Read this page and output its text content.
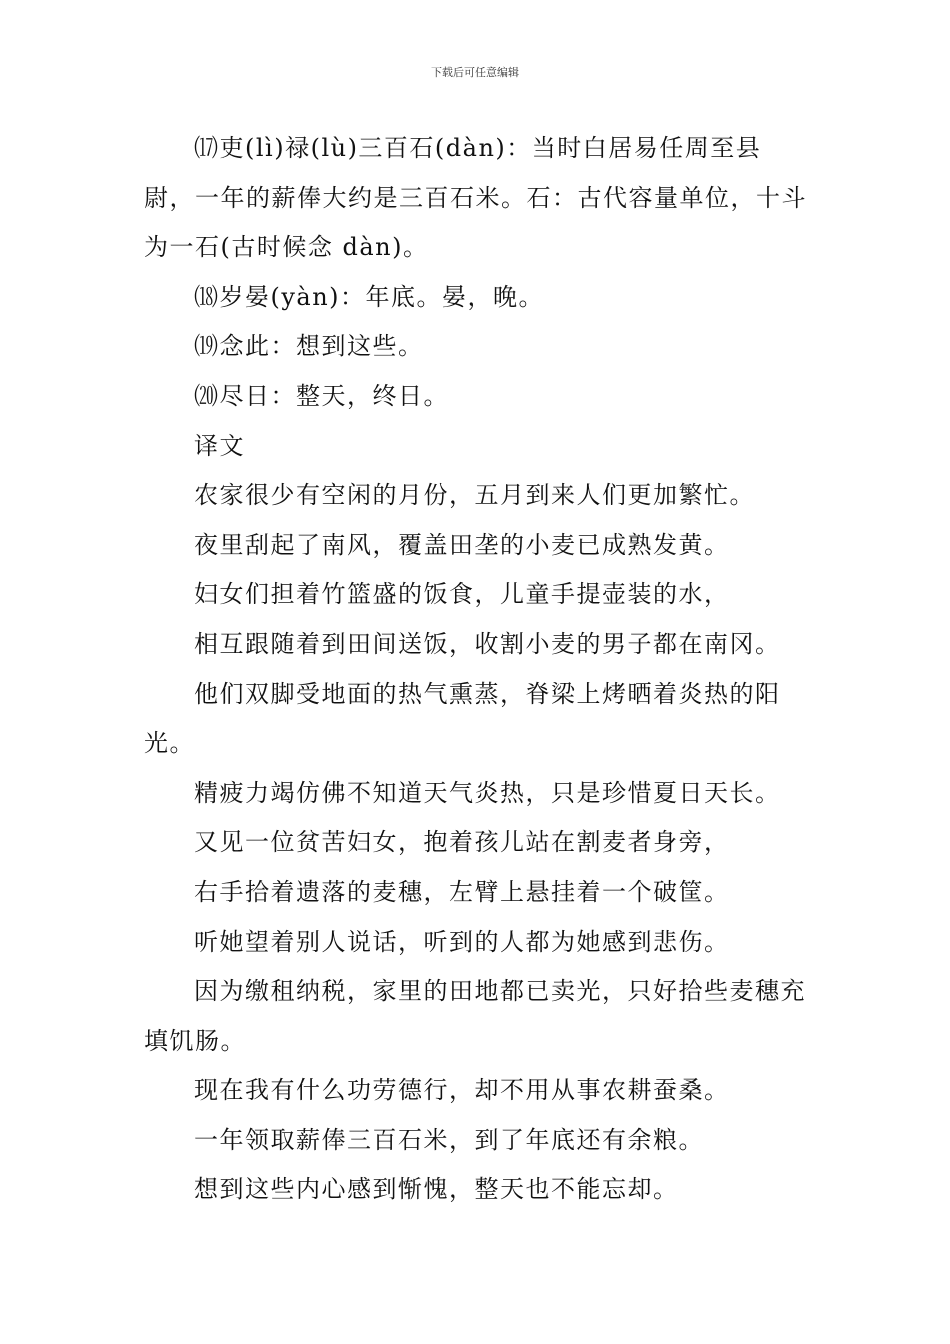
下载后可任意编辑

⒄吏(lì)禄(lù)三百石(dàn)：当时白居易任周至县尉，一年的薪俸大约是三百石米。石：古代容量单位，十斗为一石(古时候念 dàn)。

⒅岁晏(yàn)：年底。晏，晚。

⒆念此：想到这些。

⒇尽日：整天，终日。

译文

农家很少有空闲的月份，五月到来人们更加繁忙。

夜里刮起了南风，覆盖田垄的小麦已成熟发黄。

妇女们担着竹篮盛的饭食，儿童手提壶装的水，

相互跟随着到田间送饭，收割小麦的男子都在南冈。

他们双脚受地面的热气熏蒸，脊梁上烤晒着炎热的阳光。

精疲力竭仿佛不知道天气炎热，只是珍惜夏日天长。

又见一位贫苦妇女，抱着孩儿站在割麦者身旁，

右手拾着遗落的麦穗，左臂上悬挂着一个破筐。

听她望着别人说话，听到的人都为她感到悲伤。

因为缴租纳税，家里的田地都已卖光，只好拾些麦穗充填饥肠。

现在我有什么功劳德行，却不用从事农耕蚕桑。

一年领取薪俸三百石米，到了年底还有余粮。

想到这些内心感到惭愧，整天也不能忘却。
